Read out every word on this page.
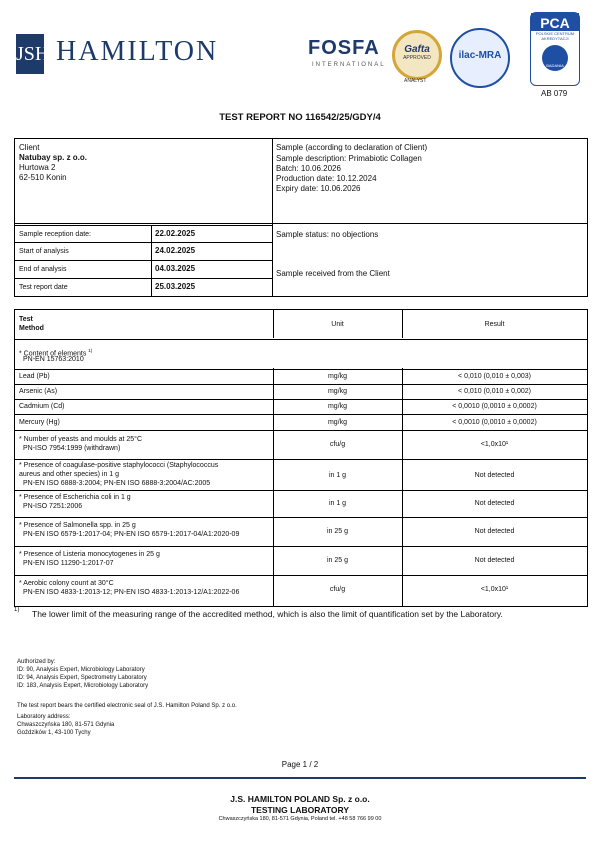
JSH HAMILTON	FOSFA
INTERNATIONAL
Gafta
APPROVED
ANALYST
ilac-MRA
PCA
POLSKIE CENTRUM AKREDYTACJI
BADANIA
AB 079
TEST REPORT NO 116542/25/GDY/4
Client
Natubay sp. z o.o.
Hurtowa 2
62-510 Konin
Sample (according to declaration of Client)
Sample description: Primabiotic Collagen
Batch: 10.06.2026
Production date: 10.12.2024
Expiry date: 10.06.2026
Sample reception date:	22.02.2025
Start of analysis	24.02.2025
End of analysis	04.03.2025
Test report date	25.03.2025
Sample status: no objections
Sample received from the Client
Test
Method
Unit	Result
* Content of elements $^{1)}$
PN-EN 15763:2010
Lead (Pb)	mg/kg	< 0,010 (0,010 ± 0,003)
Arsenic (As)	mg/kg	< 0,010 (0,010 ± 0,002)
Cadmium (Cd)	mg/kg	< 0,0010 (0,0010 ± 0,0002)
Mercury (Hg)	mg/kg	< 0,0010 (0,0010 ± 0,0002)
* Number of yeasts and moulds at 25°C
PN-ISO 7954:1999 (withdrawn)
cfu/g	<1,0x10¹
* Presence of coagulase-positive staphylococci (Staphylococcus
aureus and other species) in 1 g
PN-EN ISO 6888-3:2004; PN-EN ISO 6888-3:2004/AC:2005
in 1 g	Not detected
* Presence of Escherichia coli in 1 g
PN-ISO 7251:2006	in 1 g	Not detected
* Presence of Salmonella spp. in 25 g
PN-EN ISO 6579-1:2017-04; PN-EN ISO 6579-1:2017-04/A1:2020-09	in 25 g	Not detected
* Presence of Listeria monocytogenes in 25 g
PN-EN ISO 11290-1:2017-07	in 25 g	Not detected
* Aerobic colony count at 30°C
PN-EN ISO 4833-1:2013-12; PN-EN ISO 4833-1:2013-12/A1:2022-06	cfu/g	<1,0x10¹
1) The lower limit of the measuring range of the accredited method, which is also the limit of quantification set by the Laboratory.
Authorized by:
ID: 90, Analysis Expert, Microbiology Laboratory
ID: 94, Analysis Expert, Spectrometry Laboratory
ID: 183, Analysis Expert, Microbiology Laboratory
The test report bears the certified electronic seal of J.S. Hamilton Poland Sp. z o.o.
Laboratory address:
Chwaszczyńska 180, 81-571 Gdynia
Goździków 1, 43-100 Tychy
Page 1 / 2
J.S. HAMILTON POLAND Sp. z o.o.
TESTING LABORATORY
Chwaszczyńska 180, 81-571 Gdynia, Poland tel. +48 58 766 99 00
